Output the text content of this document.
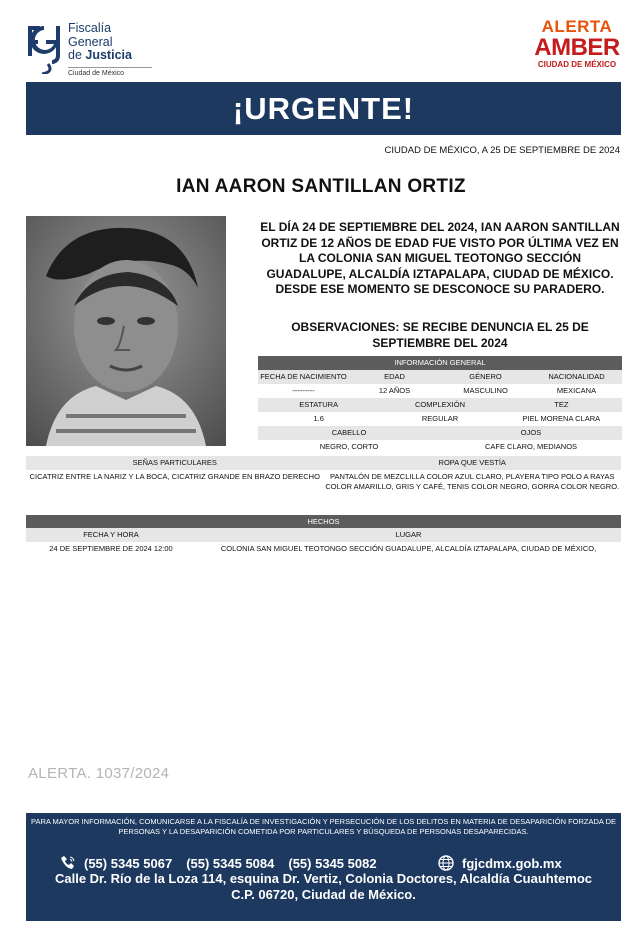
Fiscalía
General
de Justicia
Ciudad de México
ALERTA
AMBER
CIUDAD DE MÉXICO
¡URGENTE!
CIUDAD DE MÉXICO, A 25 DE SEPTIEMBRE DE 2024
IAN AARON SANTILLAN ORTIZ
EL DÍA 24 DE SEPTIEMBRE DEL 2024, IAN AARON SANTILLAN ORTIZ DE 12 AÑOS DE EDAD FUE VISTO POR ÚLTIMA VEZ EN LA COLONIA SAN MIGUEL TEOTONGO SECCIÓN GUADALUPE, ALCALDÍA IZTAPALAPA, CIUDAD DE MÉXICO. DESDE ESE MOMENTO SE DESCONOCE SU PARADERO.
OBSERVACIONES: SE RECIBE DENUNCIA EL 25 DE SEPTIEMBRE DEL 2024
INFORMACIÓN GENERAL
FECHA DE NACIMIENTO	EDAD	GÉNERO	NACIONALIDAD
---------	12 AÑOS	MASCULINO	MEXICANA
ESTATURA	COMPLEXIÓN	TEZ
1.6	REGULAR	PIEL MORENA CLARA
CABELLO	OJOS
NEGRO, CORTO	CAFE CLARO, MEDIANOS
SEÑAS PARTICULARES	ROPA QUE VESTÍA
CICATRIZ ENTRE LA NARIZ Y LA BOCA, CICATRIZ GRANDE EN BRAZO DERECHO	PANTALÓN DE MEZCLILLA COLOR AZUL CLARO, PLAYERA TIPO POLO A RAYAS COLOR AMARILLO, GRIS Y CAFÉ, TENIS COLOR NEGRO, GORRA COLOR NEGRO.
HECHOS
FECHA Y HORA	LUGAR
24 DE SEPTIEMBRE DE 2024 12:00	COLONIA SAN MIGUEL TEOTONGO SECCIÓN GUADALUPE, ALCALDÍA IZTAPALAPA, CIUDAD DE MÉXICO,
ALERTA. 1037/2024
PARA MAYOR INFORMACIÓN, COMUNICARSE A LA FISCALÍA DE INVESTIGACIÓN Y PERSECUCIÓN DE LOS DELITOS EN MATERIA DE DESAPARICIÓN FORZADA DE PERSONAS Y LA DESAPARICIÓN COMETIDA POR PARTICULARES Y BÚSQUEDA DE PERSONAS DESAPARECIDAS.
(55) 5345 5067 (55) 5345 5084 (55) 5345 5082	fgjcdmx.gob.mx
Calle Dr. Río de la Loza 114, esquina Dr. Vertiz, Colonia Doctores, Alcaldía Cuauhtemoc
C.P. 06720, Ciudad de México.
